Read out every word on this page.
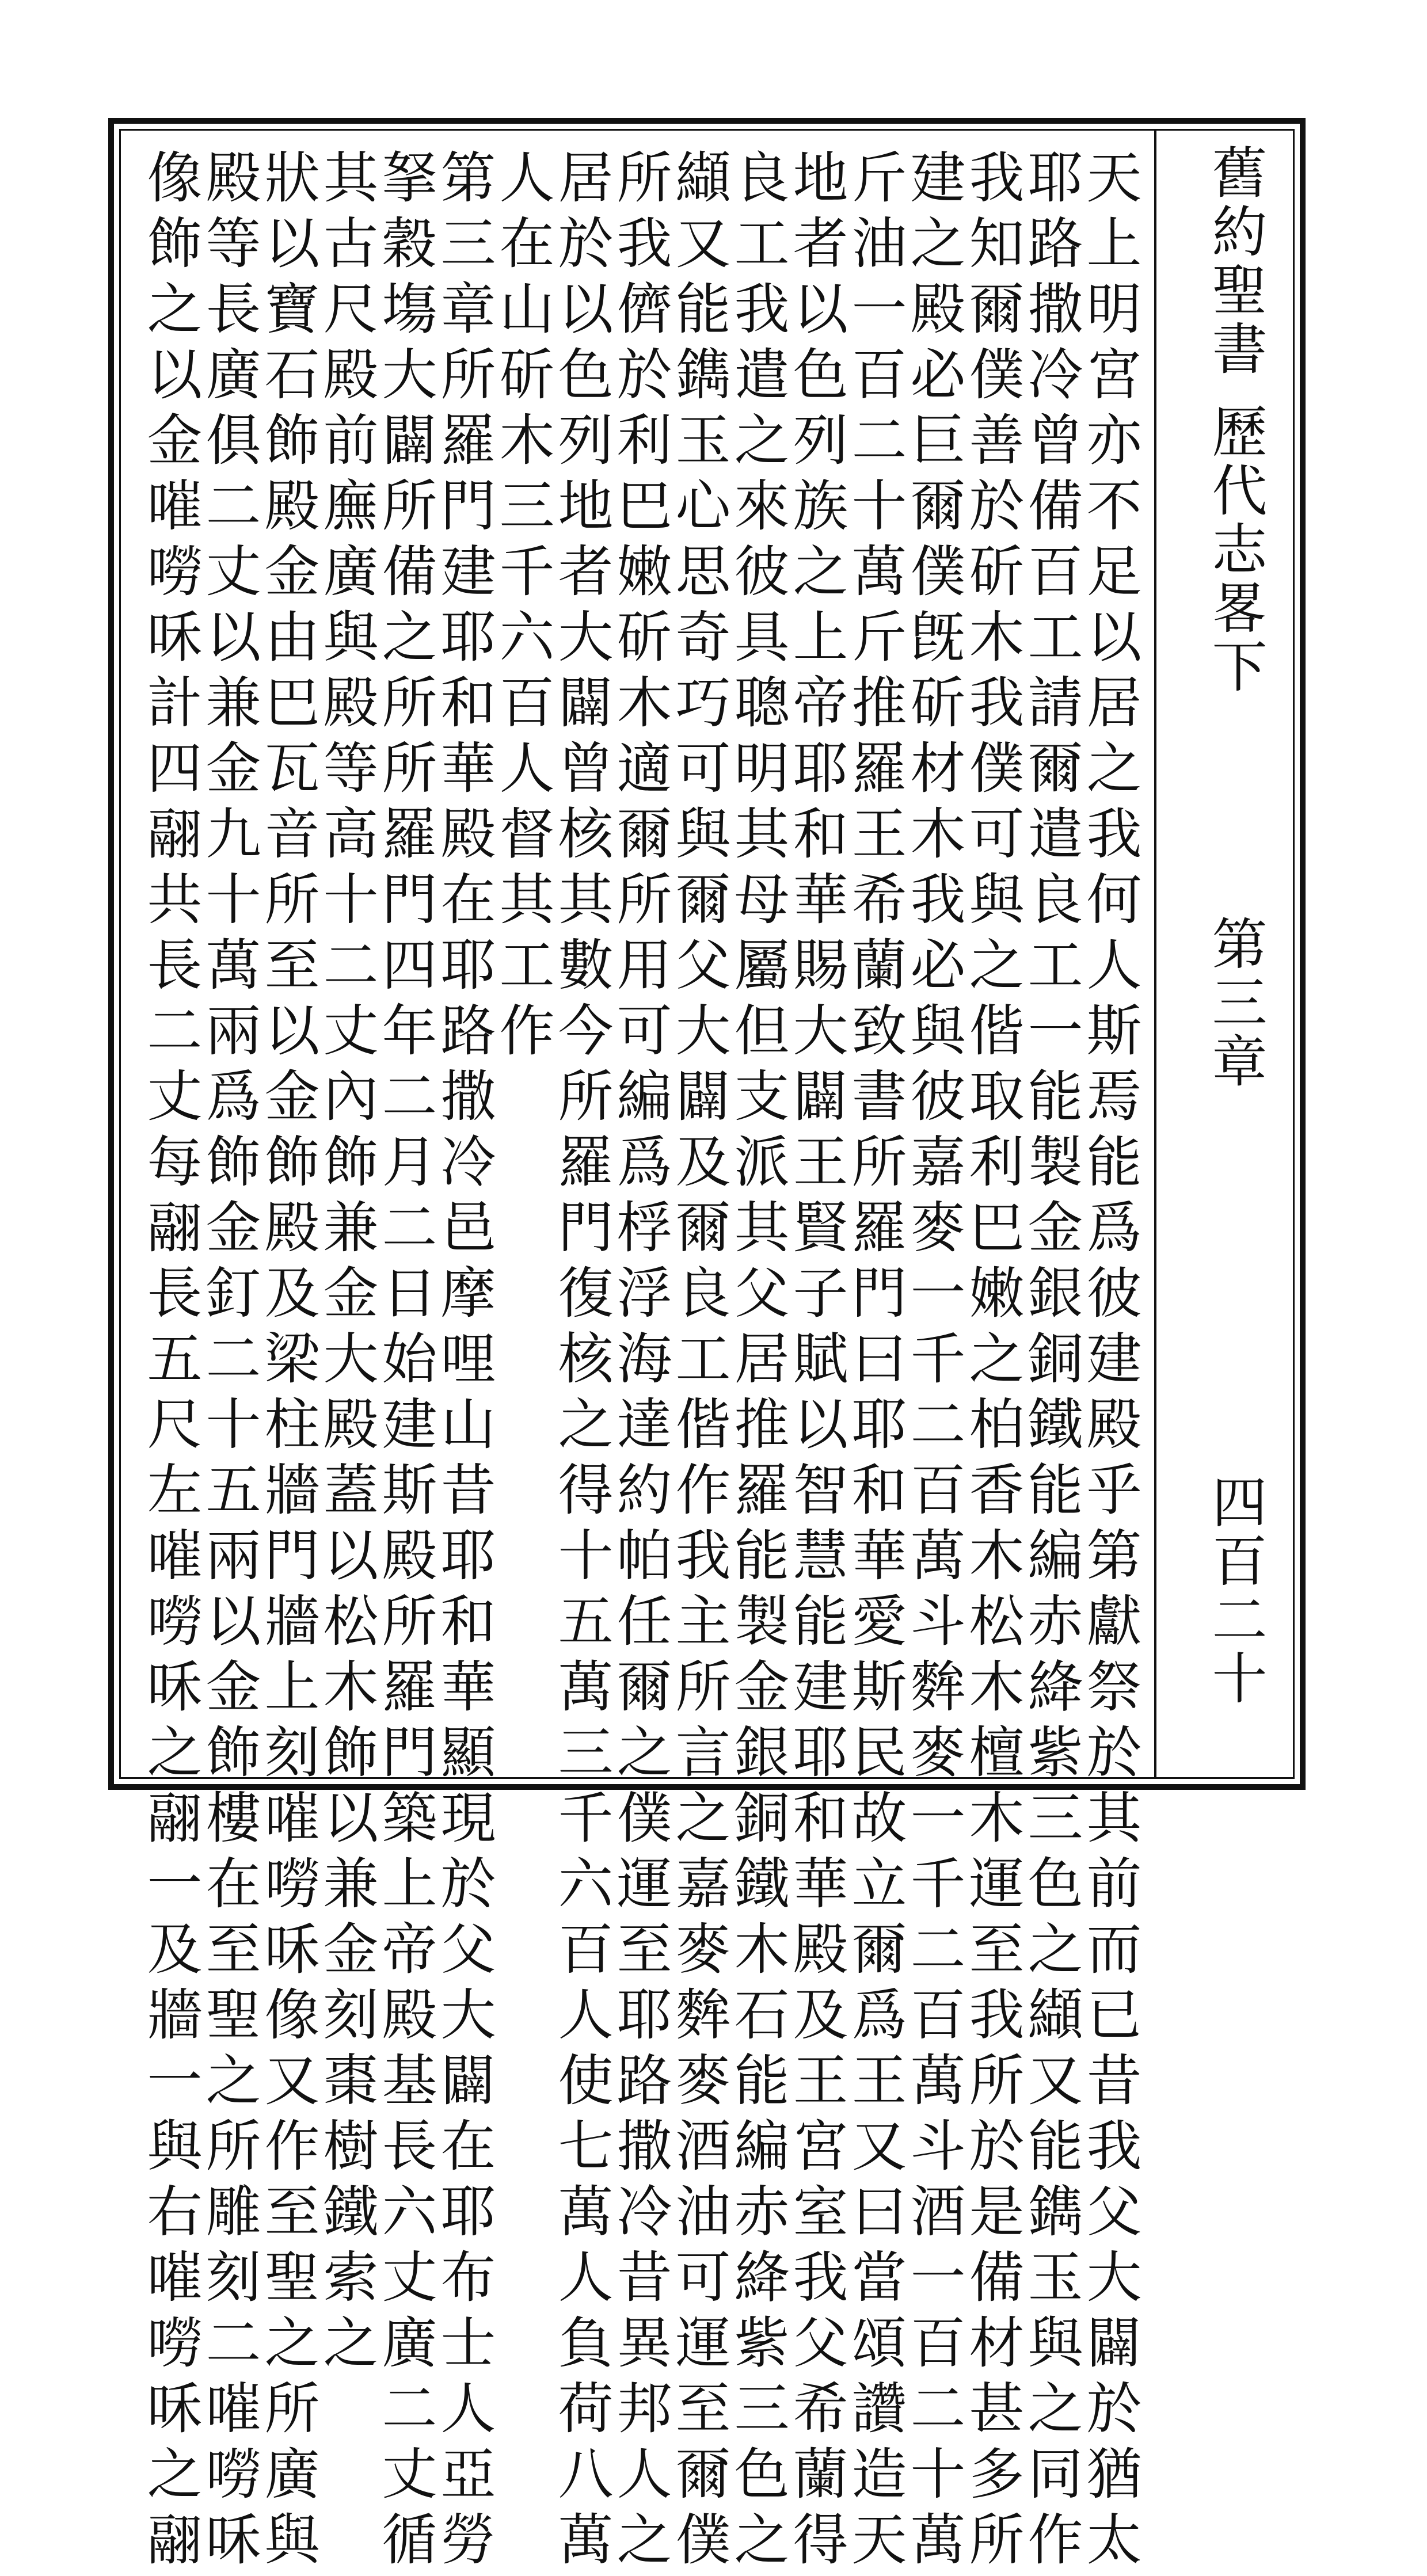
舊約聖書
歷代志畧下
第三章
四百二十
天上明宮亦不足以居之我何人斯焉能爲彼建殿乎第獻祭於其前而已昔我父大闢於猶太
耶路撒冷曾備百工請爾遣良工一能製金銀銅鐵能編赤絳紫三色之纈又能鐫玉與之同作
我知爾僕善於斫木我僕可與之偕取利巴嫩之柏香木松木檀木運至我所於是備材甚多所
建之殿必巨爾僕旣斫材木我必與彼嘉麥一千二百萬斗麰麥一千二百萬斗酒一百二十萬
斤油一百二十萬斤推羅王希蘭致書所羅門曰耶和華愛斯民故立爾爲王又曰當頌讚造天
地者以色列族之上帝耶和華賜大闢王賢子賦以智慧能建耶和華殿及王宮室我父希蘭得
良工我遣之來彼具聰明其母屬但支派其父居推羅能製金銀銅鐵木石能編赤絳紫三色之
纈又能鐫玉心思奇巧可與爾父大闢及爾良工偕作我主所言之嘉麥麰麥酒油可運至爾僕
所我儕於利巴嫩斫木適爾所用可編爲桴浮海達約帕任爾之僕運至耶路撒冷昔異邦人之
居於以色列地者大闢曾核其數今所羅門復核之得十五萬三千六百人使七萬人負荷八萬
人在山斫木三千六百人督其工作
第三章所羅門建耶和華殿在耶路撒冷邑摩哩山昔耶和華顯現於父大闢在耶布士人亞勞
拏穀塲大闢所備之所所羅門四年二月二日始建斯殿所羅門築上帝殿基長六丈廣二丈循
其古尺殿前廡廣與殿等高十二丈內飾兼金大殿蓋以松木飾以兼金刻棗樹鐵索之
狀以寶石飾殿金由巴瓦音所至以金飾殿及梁柱牆門牆上刻嗺嘮咊像又作至聖之所廣與
殿等長廣俱二丈以兼金九十萬兩爲飾金釘二十五兩以金飾樓在至聖之所雕刻二嗺嘮咊
像飾之以金嗺嘮咊計四翮共長二丈每翮長五尺左嗺嘮咊之翮一及牆一與右嗺嘮咊之翮
